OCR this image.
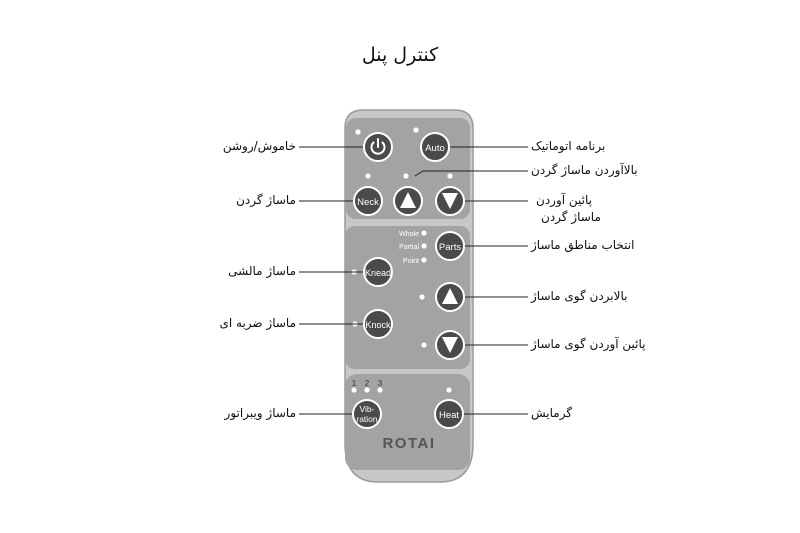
کنترل پنل
Whole
Partial
Point
1 2 3
Auto
Neck
Parts
Knead
Knock
Vib-
ration	Heat
ROTAI
خاموش/روشن
ماساژ گردن
ماساژ مالشی
ماساژ ضربه ای
ماساژ ویبراتور
برنامه اتوماتیک
بالاآوردن ماساژ گردن
پائین آوردن
ماساژ گردن
انتخاب مناطق ماساژ
بالابردن گوی ماساژ
پائین آوردن گوی ماساژ
گرمایش
